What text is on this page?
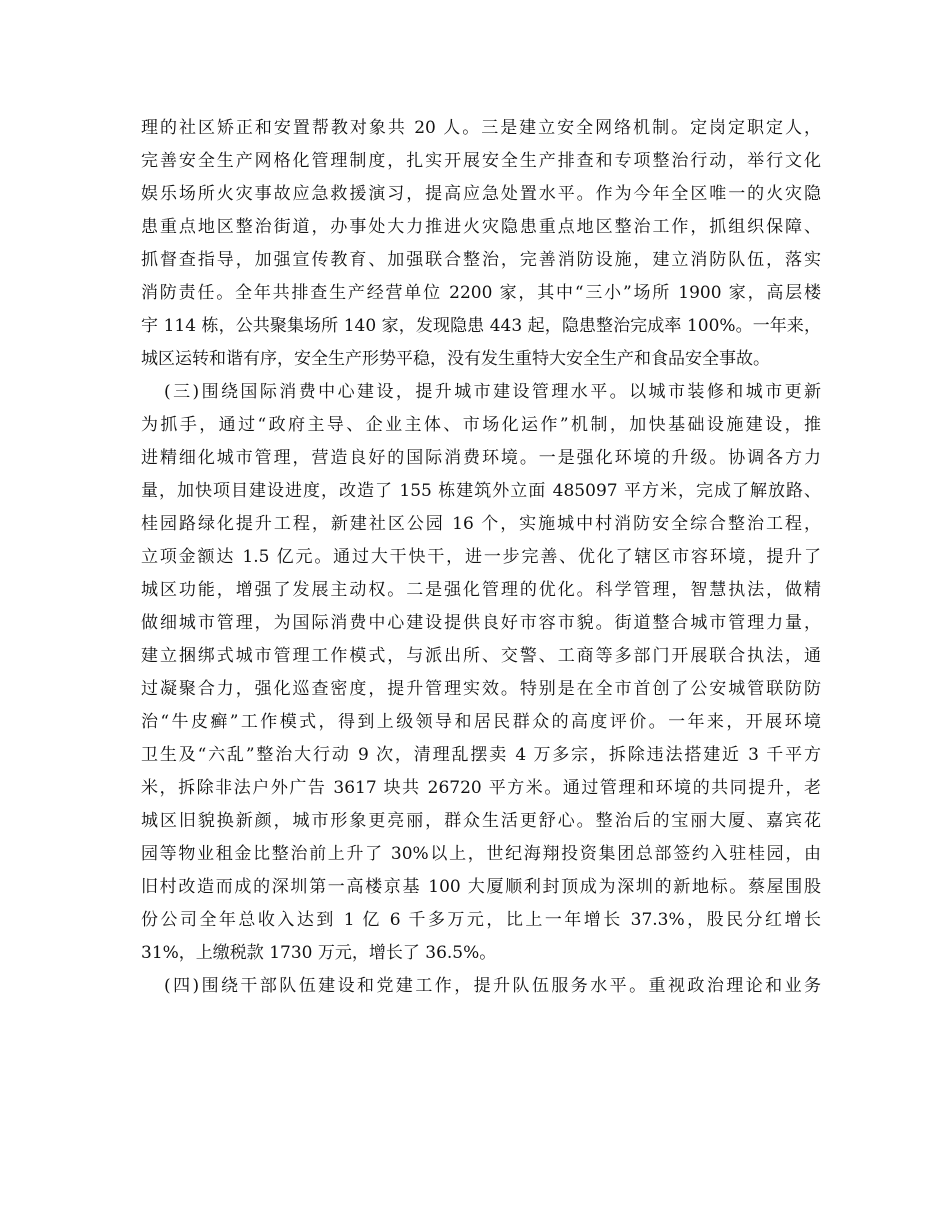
理的社区矫正和安置帮教对象共 20 人。三是建立安全网络机制。定岗定职定人，
完善安全生产网格化管理制度，扎实开展安全生产排查和专项整治行动，举行文化
娱乐场所火灾事故应急救援演习，提高应急处置水平。作为今年全区唯一的火灾隐
患重点地区整治街道，办事处大力推进火灾隐患重点地区整治工作，抓组织保障、
抓督查指导，加强宣传教育、加强联合整治，完善消防设施，建立消防队伍，落实
消防责任。全年共排查生产经营单位 2200 家，其中“三小”场所 1900 家，高层楼
宇 114 栋，公共聚集场所 140 家，发现隐患 443 起，隐患整治完成率 100%。一年来，
城区运转和谐有序，安全生产形势平稳，没有发生重特大安全生产和食品安全事故。
(三)围绕国际消费中心建设，提升城市建设管理水平。以城市装修和城市更新
为抓手，通过“政府主导、企业主体、市场化运作”机制，加快基础设施建设，推
进精细化城市管理，营造良好的国际消费环境。一是强化环境的升级。协调各方力
量，加快项目建设进度，改造了 155 栋建筑外立面 485097 平方米，完成了解放路、
桂园路绿化提升工程，新建社区公园 16 个，实施城中村消防安全综合整治工程，
立项金额达 1.5 亿元。通过大干快干，进一步完善、优化了辖区市容环境，提升了
城区功能，增强了发展主动权。二是强化管理的优化。科学管理，智慧执法，做精
做细城市管理，为国际消费中心建设提供良好市容市貌。街道整合城市管理力量，
建立捆绑式城市管理工作模式，与派出所、交警、工商等多部门开展联合执法，通
过凝聚合力，强化巡查密度，提升管理实效。特别是在全市首创了公安城管联防防
治“牛皮癣”工作模式，得到上级领导和居民群众的高度评价。一年来，开展环境
卫生及“六乱”整治大行动 9 次，清理乱摆卖 4 万多宗，拆除违法搭建近 3 千平方
米，拆除非法户外广告 3617 块共 26720 平方米。通过管理和环境的共同提升，老
城区旧貌换新颜，城市形象更亮丽，群众生活更舒心。整治后的宝丽大厦、嘉宾花
园等物业租金比整治前上升了 30%以上，世纪海翔投资集团总部签约入驻桂园，由
旧村改造而成的深圳第一高楼京基 100 大厦顺利封顶成为深圳的新地标。蔡屋围股
份公司全年总收入达到 1 亿 6 千多万元，比上一年增长 37.3%，股民分红增长
31%，上缴税款 1730 万元，增长了 36.5%。
(四)围绕干部队伍建设和党建工作，提升队伍服务水平。重视政治理论和业务
